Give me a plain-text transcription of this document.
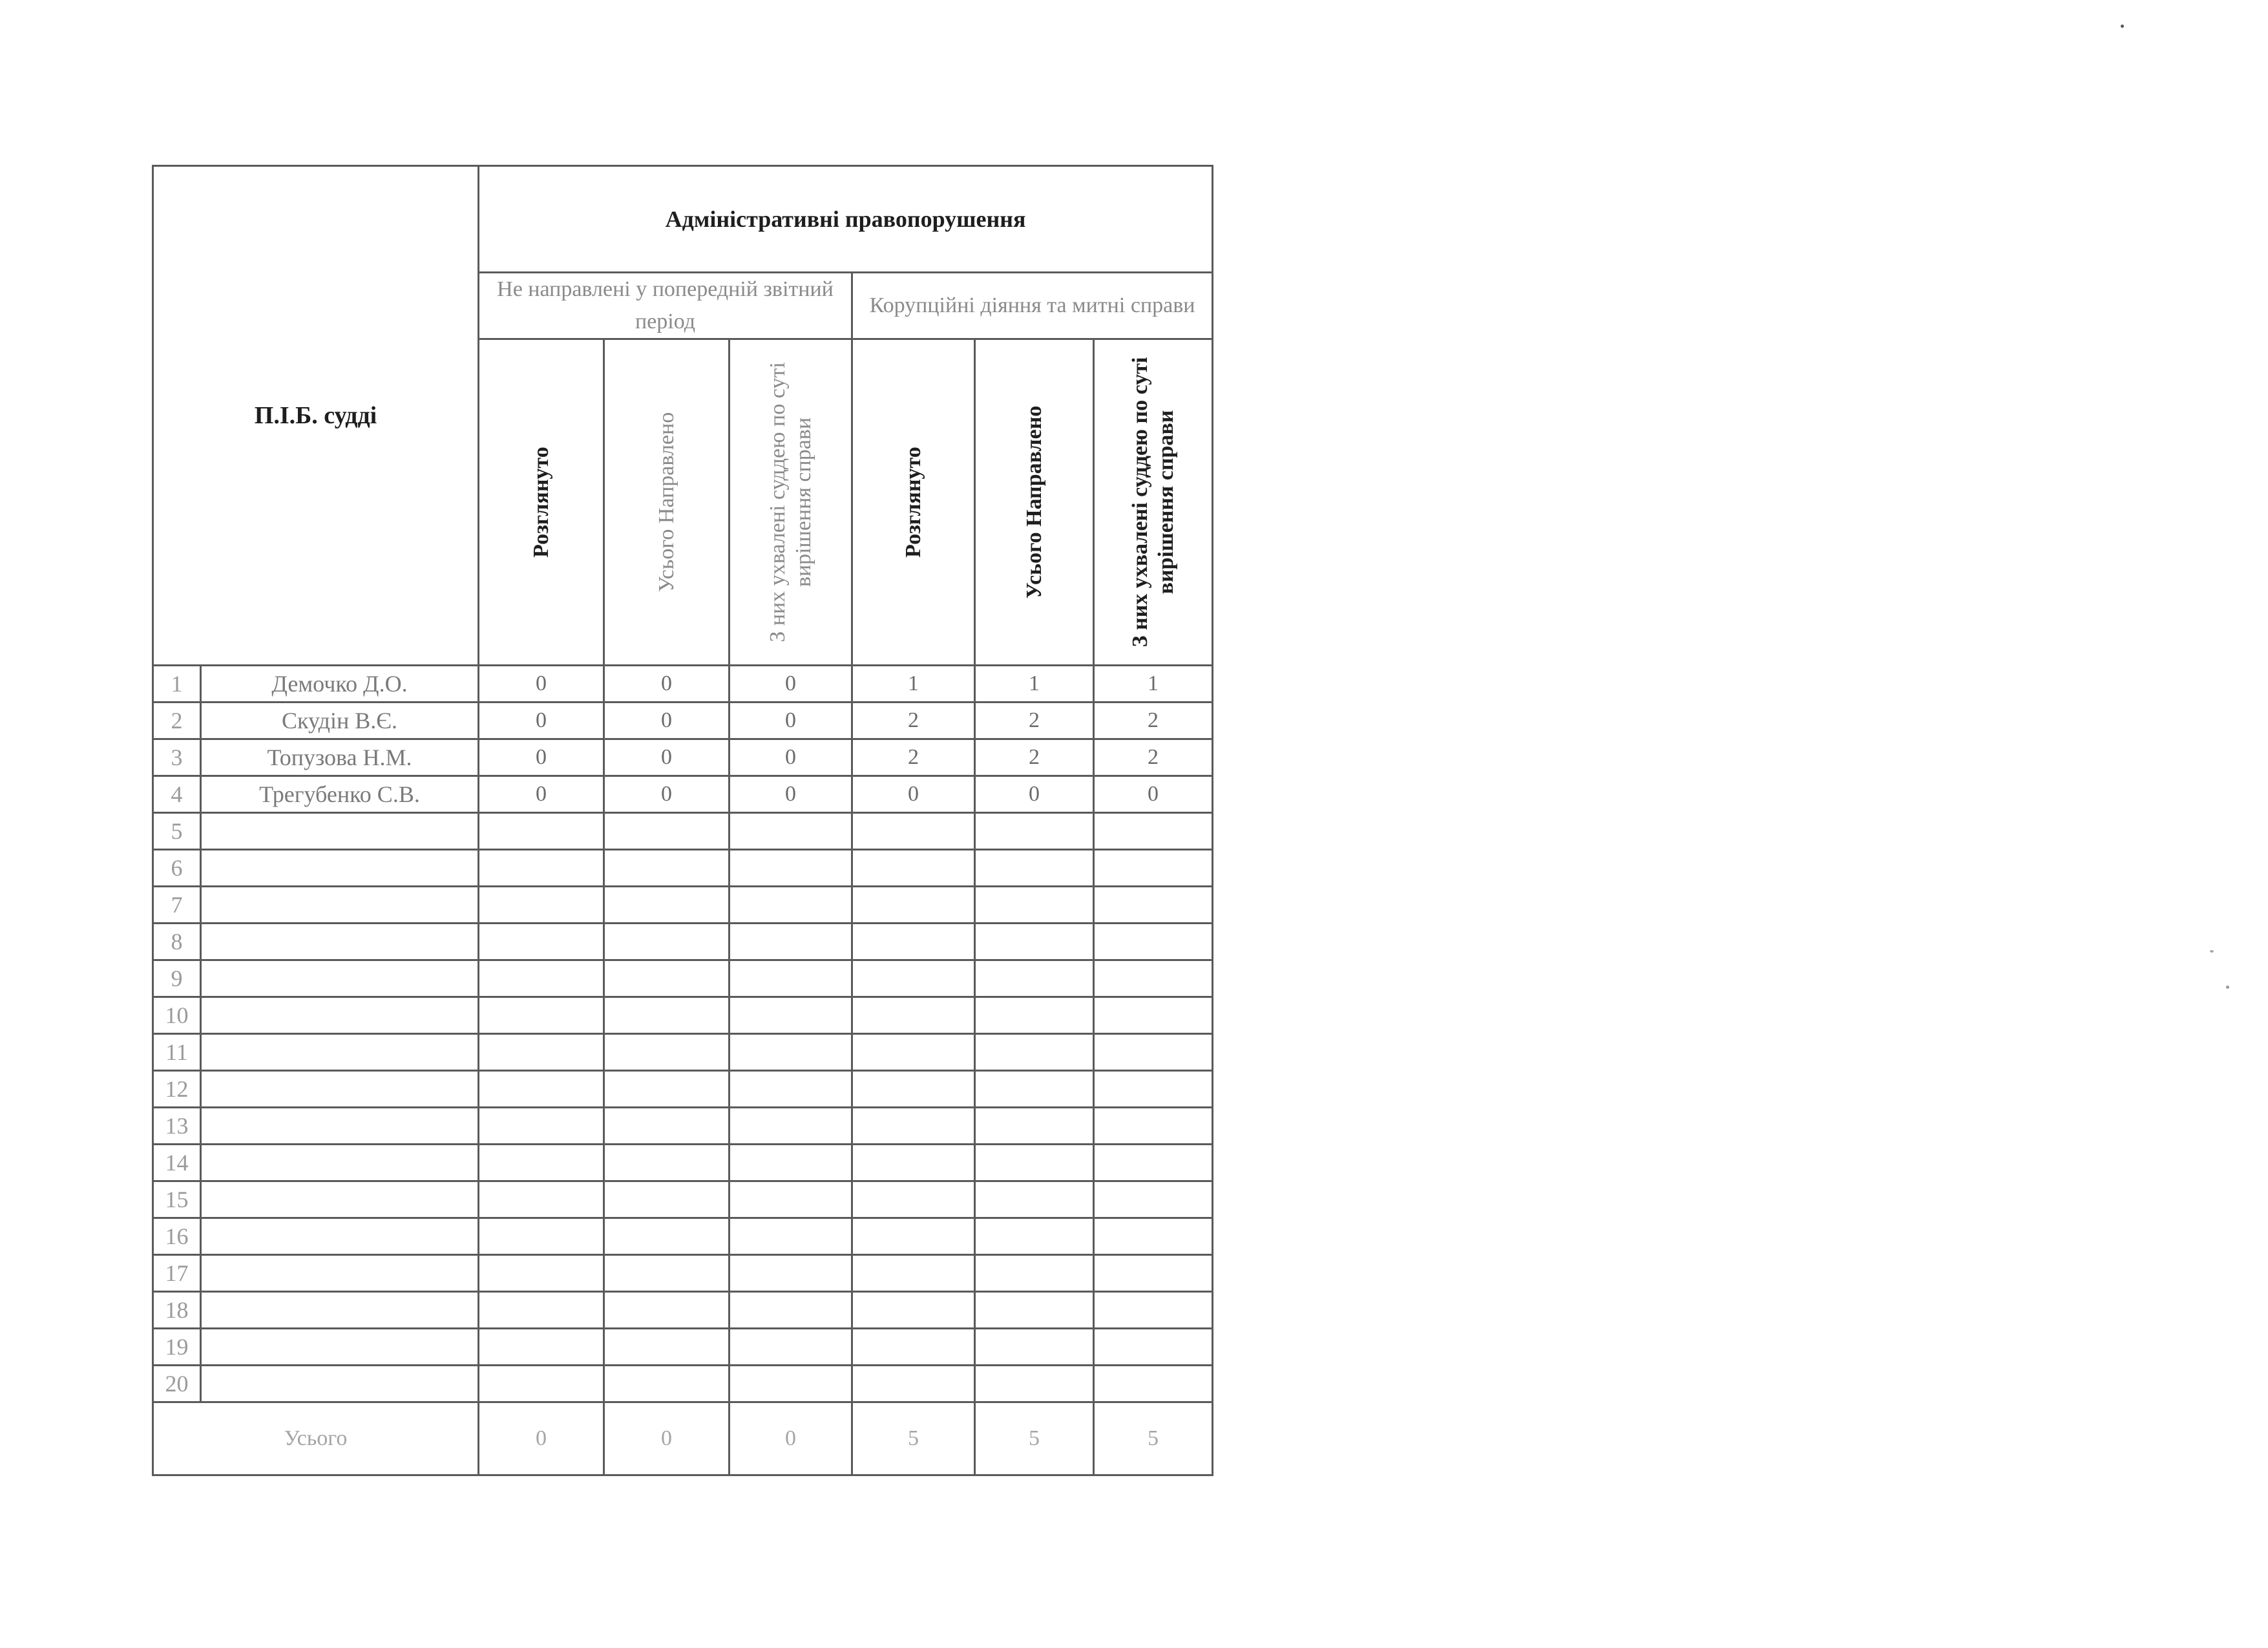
П.І.Б. судді		Адміністративні правопорушення					
		Не направлені у попередній звітний період			Корупційні діяння та митні справи		

		Розглянуто	Усього Направлено	З них ухвалені суддею по суті вирішення справи	Розглянуто	Усього Направлено	З них ухвалені суддею по суті вирішення справи

1	Демочко Д.О.	0	0	0	1	1	1
2	Скудін В.Є.	0	0	0	2	2	2
3	Топузова Н.М.	0	0	0	2	2	2
4	Трегубенко С.В.	0	0	0	0	0	0
5							
6							
7							
8							
9							
10							
11							
12							
13							
14							
15							
16							
17							
18							
19							
20							
Усього		0	0	0	5	5	5
